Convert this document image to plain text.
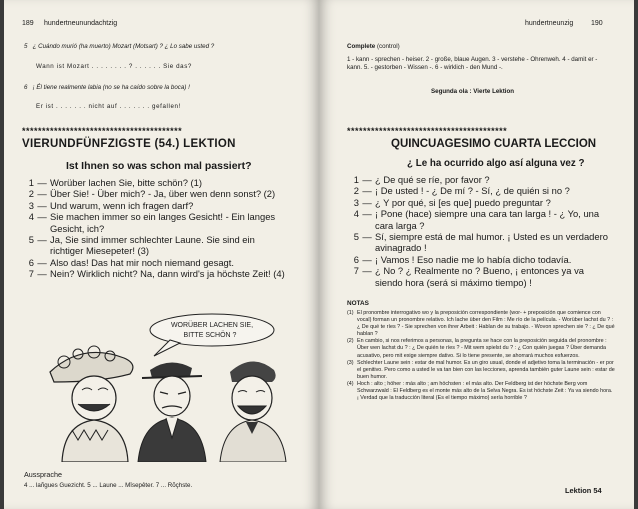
189 hundertneunundachtzig
5 ¿ Cuándo murió (ha muerto) Mozart (Motsart) ? ¿ Lo sabe usted ?
Wann ist Mozart . . . . . . . . ? . . . . . . Sie das?
6 ¡ Él tiene realmente labia (no se ha caído sobre la boca) !
Er ist . . . . . . . nicht auf . . . . . . . gefallen!
****************************************
VIERUNDFÜNFZIGSTE (54.) LEKTION
Ist Ihnen so was schon mal passiert?
1 — Worüber lachen Sie, bitte schön? (1)
2 — Über Sie! - Über mich? - Ja, über wen denn sonst? (2)
3 — Und warum, wenn ich fragen darf?
4 — Sie machen immer so ein langes Gesicht! - Ein langes Gesicht, ich?
5 — Ja, Sie sind immer schlechter Laune. Sie sind ein richtiger Miesepeter! (3)
6 — Also das! Das hat mir noch niemand gesagt.
7 — Nein? Wirklich nicht? Na, dann wird's ja höchste Zeit! (4)
WORÜBER LACHEN SIE,
BITTE SCHÖN ?
Aussprache
4 ... lañgues Guezicht. 5 ... Laune ... Mîsepêter. 7 ... Rõçhste.
hundertneunzig	190
Complete (control)
1 - kann - sprechen - heiser. 2 - große, blaue Augen. 3 - verstehe - Ohrenweh. 4 - damit er - kann. 5. - gestorben - Wissen -. 6 - wirklich - den Mund -.
Segunda ola : Vierte Lektion
****************************************
QUINCUAGESIMO CUARTA LECCION
¿ Le ha ocurrido algo así alguna vez ?
1 — ¿ De qué se ríe, por favor ?
2 — ¡ De usted ! - ¿ De mí ? - Sí, ¿ de quién si no ?
3 — ¿ Y por qué, si [es que] puedo preguntar ?
4 — ¡ Pone (hace) siempre una cara tan larga ! - ¿ Yo, una cara larga ?
5 — Sí, siempre está de mal humor. ¡ Usted es un verdadero avinagrado !
6 — ¡ Vamos ! Eso nadie me lo había dicho todavía.
7 — ¿ No ? ¿ Realmente no ? Bueno, ¡ entonces ya va siendo hora (será si máximo tiempo) !
NOTAS
(1) El pronombre interrogativo wo y la preposición correspondiente (wor- + preposición que comience con vocal) forman un pronombre relativo. Ich lache über den Film : Me río de la película. - Worüber lachst du ? : ¿ De qué te ríes ? - Sie sprechen von ihrer Arbeit : Hablan de su trabajo. - Wovon sprechen sie ? : ¿ De qué hablan ?
(2) En cambio, si nos referimos a personas, la pregunta se hace con la preposición seguida del pronombre : Über wen lachst du ? : ¿ De quién te ríes ? - Mit wem spielst du ? : ¿ Con quién juegas ? Über demanda acusativo, pero mit exige siempre dativo. Si lo tiene presente, se ahorrará muchos esfuerzos.
(3) Schlechter Laune sein : estar de mal humor. Es un giro usual, donde el adjetivo toma la terminación - er por el genitivo. Pero como a usted le va tan bien con las lecciones, aprenda también guter Laune sein : estar de buen humor.
(4) Hoch : alto ; höher : más alto ; am höchsten : el más alto. Der Feldberg ist der höchste Berg vom Schwarzwald : El Feldberg es el monte más alto de la Selva Negra. Es ist höchste Zeit : Ya va siendo hora. ¡ Verdad que la traducción literal (Es el tiempo máximo) sería horrible ?
Lektion 54
